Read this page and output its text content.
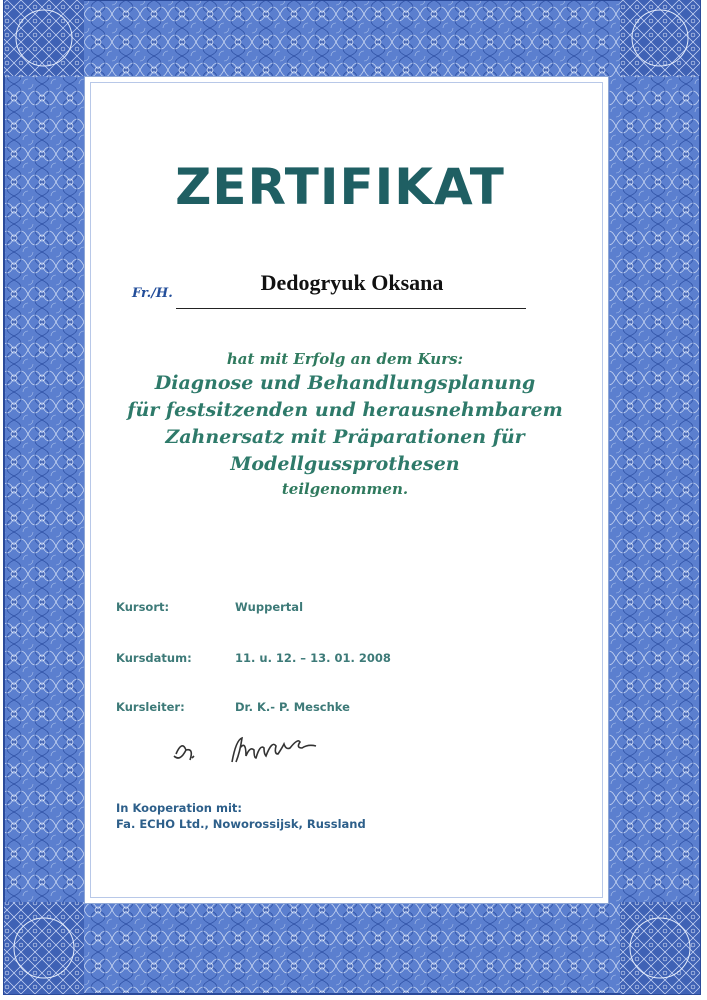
ZERTIFIKAT
Fr./H.	Dedogryuk Oksana
hat mit Erfolg an dem Kurs:
Diagnose und Behandlungsplanung
für festsitzenden und herausnehmbarem
Zahnersatz mit Präparationen für
Modellgussprothesen
teilgenommen.
Kursort:	Wuppertal
Kursdatum:	11. u. 12. – 13. 01. 2008
Kursleiter:	Dr. K.- P. Meschke
In Kooperation mit:
Fa. ECHO Ltd., Noworossijsk, Russland
